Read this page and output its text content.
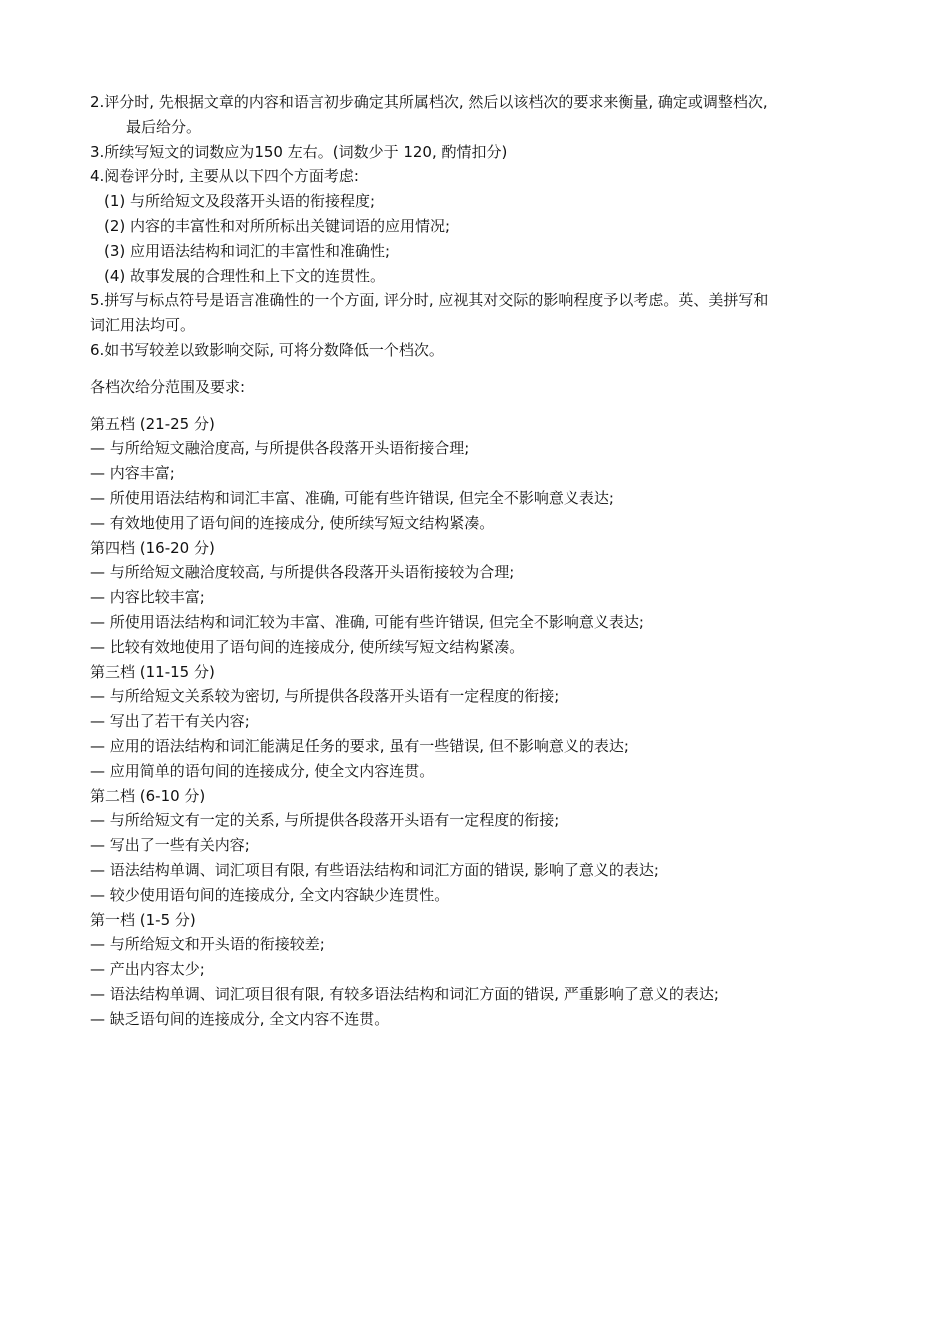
2.评分时, 先根据文章的内容和语言初步确定其所属档次, 然后以该档次的要求来衡量, 确定或调整档次,
最后给分。
3.所续写短文的词数应为150 左右。(词数少于 120, 酌情扣分)
4.阅卷评分时, 主要从以下四个方面考虑:
(1) 与所给短文及段落开头语的衔接程度;
(2) 内容的丰富性和对所所标出关键词语的应用情况;
(3) 应用语法结构和词汇的丰富性和准确性;
(4) 故事发展的合理性和上下文的连贯性。
5.拼写与标点符号是语言准确性的一个方面, 评分时, 应视其对交际的影响程度予以考虑。英、美拼写和
词汇用法均可。
6.如书写较差以致影响交际, 可将分数降低一个档次。
各档次给分范围及要求:
第五档 (21-25 分)
— 与所给短文融洽度高, 与所提供各段落开头语衔接合理;
— 内容丰富;
— 所使用语法结构和词汇丰富、准确, 可能有些许错误, 但完全不影响意义表达;
— 有效地使用了语句间的连接成分, 使所续写短文结构紧凑。
第四档 (16-20 分)
— 与所给短文融洽度较高, 与所提供各段落开头语衔接较为合理;
— 内容比较丰富;
— 所使用语法结构和词汇较为丰富、准确, 可能有些许错误, 但完全不影响意义表达;
— 比较有效地使用了语句间的连接成分, 使所续写短文结构紧凑。
第三档 (11-15 分)
— 与所给短文关系较为密切, 与所提供各段落开头语有一定程度的衔接;
— 写出了若干有关内容;
— 应用的语法结构和词汇能满足任务的要求, 虽有一些错误, 但不影响意义的表达;
— 应用简单的语句间的连接成分, 使全文内容连贯。
第二档 (6-10 分)
— 与所给短文有一定的关系, 与所提供各段落开头语有一定程度的衔接;
— 写出了一些有关内容;
— 语法结构单调、词汇项目有限, 有些语法结构和词汇方面的错误, 影响了意义的表达;
— 较少使用语句间的连接成分, 全文内容缺少连贯性。
第一档 (1-5 分)
— 与所给短文和开头语的衔接较差;
— 产出内容太少;
— 语法结构单调、词汇项目很有限, 有较多语法结构和词汇方面的错误, 严重影响了意义的表达;
— 缺乏语句间的连接成分, 全文内容不连贯。
